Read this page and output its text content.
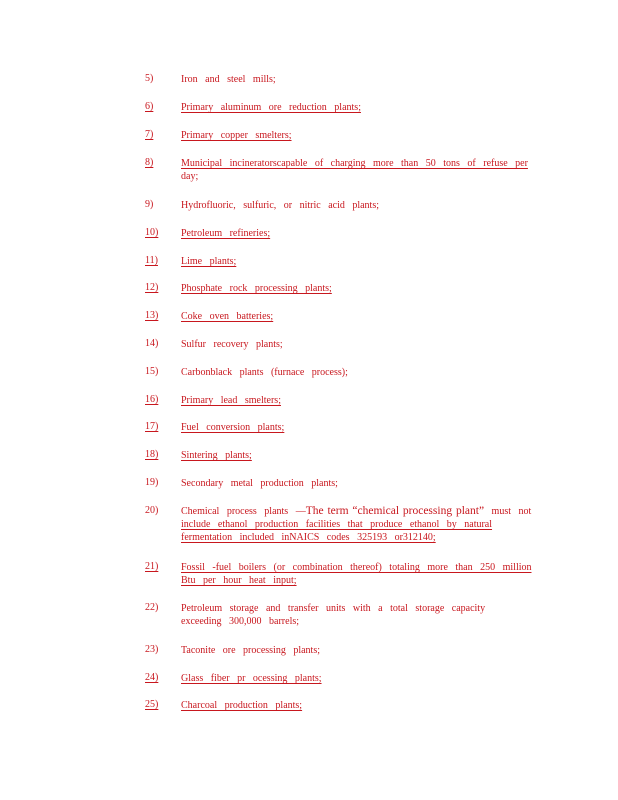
5)	Iron and steel mills;
6)	Primary aluminum ore reduction plants;
7)	Primary copper smelters;
8)	Municipal incineratorscapable of charging more than 50 tons of refuse per
day;
9)	Hydrofluoric, sulfuric, or nitric acid plants;
10) Petroleum refineries;
11) Lime plants;
12) Phosphate rock processing plants;
13) Coke oven batteries;
14) Sulfur recovery plants;
15) Carbonblack plants (furnace process);
16) Primary lead smelters;
17) Fuel conversion plants;
18) Sintering plants;
19) Secondary metal production plants;
20) Chemical process plants —The term “chemical processing plant” must not
include ethanol production facilities that produce ethanol by natural
fermentation included inNAICS codes 325193 or312140;
21) Fossil -fuel boilers (or combination thereof) totaling more than 250 million
Btu per hour heat input;
22) Petroleum storage and transfer units with a total storage capacity
exceeding 300,000 barrels;
23) Taconite ore processing plants;
24) Glass fiber pr ocessing plants;
25) Charcoal production plants;
